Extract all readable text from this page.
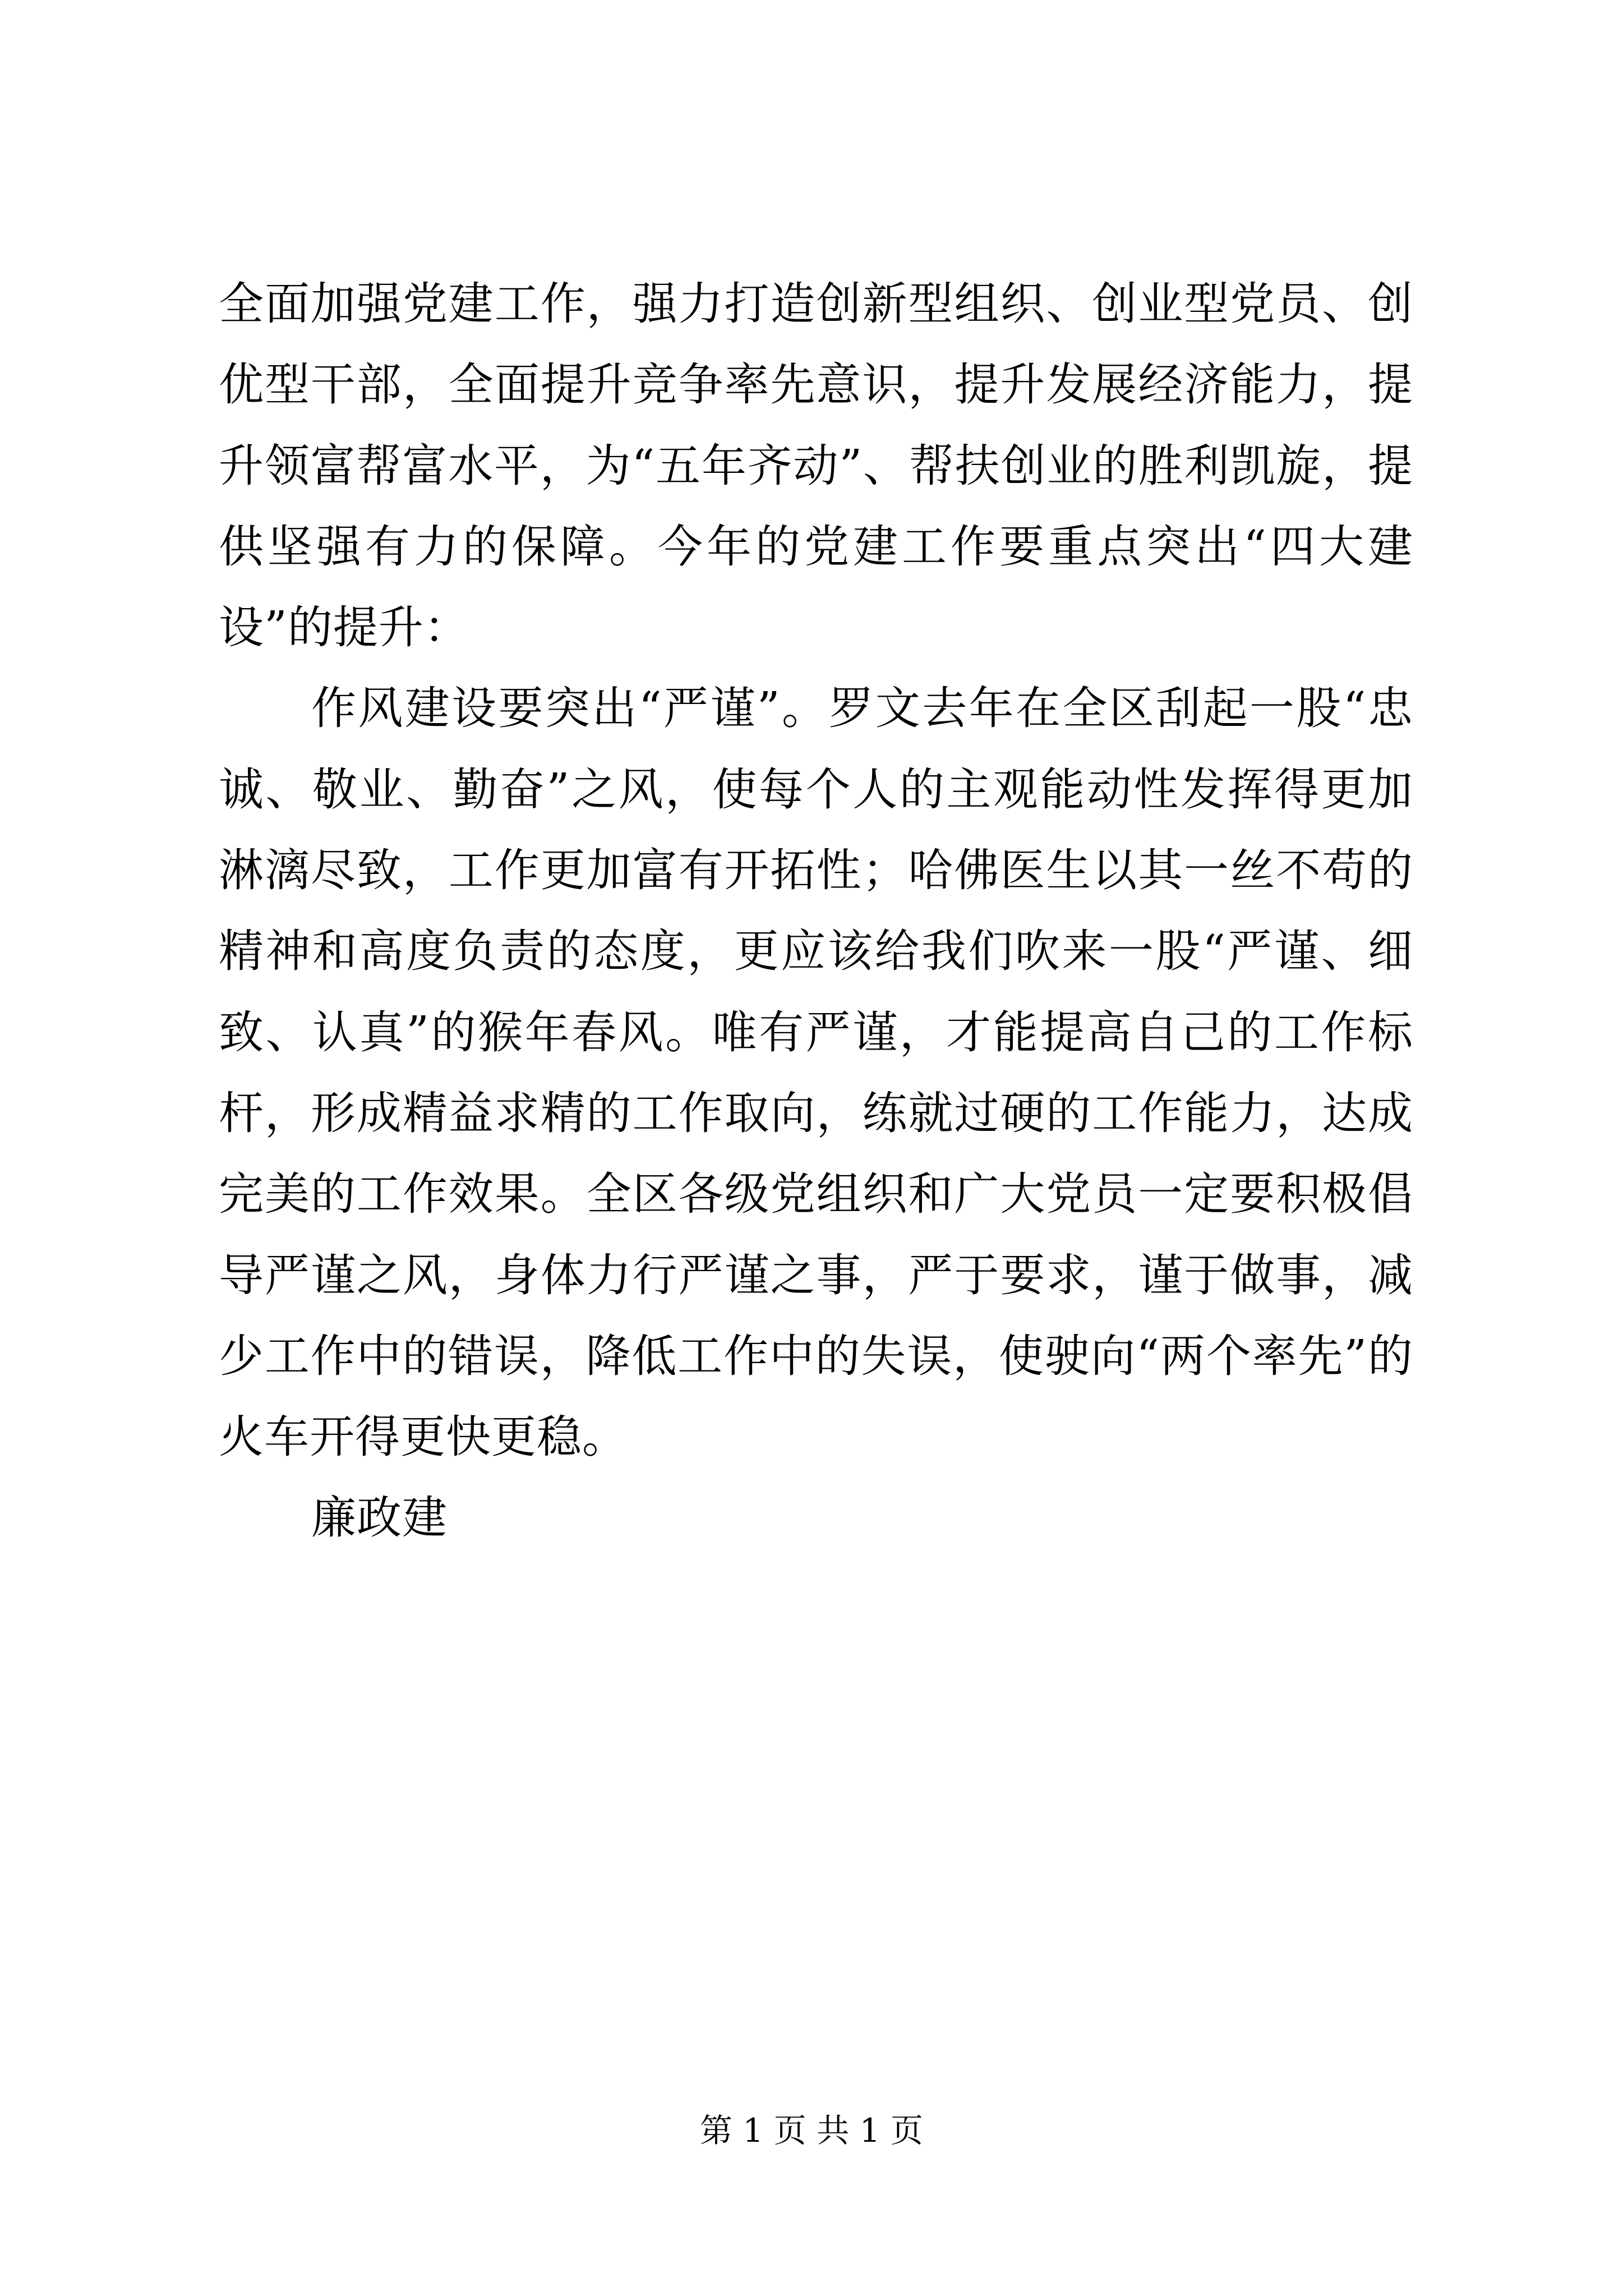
全面加强党建工作，强力打造创新型组织、创业型党员、创优型干部，全面提升竞争率先意识，提升发展经济能力，提升领富帮富水平，为“五年齐动”、帮扶创业的胜利凯旋，提供坚强有力的保障。今年的党建工作要重点突出“四大建设”的提升：

作风建设要突出“严谨”。罗文去年在全区刮起一股“忠诚、敬业、勤奋”之风，使每个人的主观能动性发挥得更加淋漓尽致，工作更加富有开拓性；哈佛医生以其一丝不苟的精神和高度负责的态度，更应该给我们吹来一股“严谨、细致、认真”的猴年春风。唯有严谨，才能提高自己的工作标杆，形成精益求精的工作取向，练就过硬的工作能力，达成完美的工作效果。全区各级党组织和广大党员一定要积极倡导严谨之风，身体力行严谨之事，严于要求，谨于做事，减少工作中的错误，降低工作中的失误，使驶向“两个率先”的火车开得更快更稳。

廉政建

第 1 页 共 1 页
